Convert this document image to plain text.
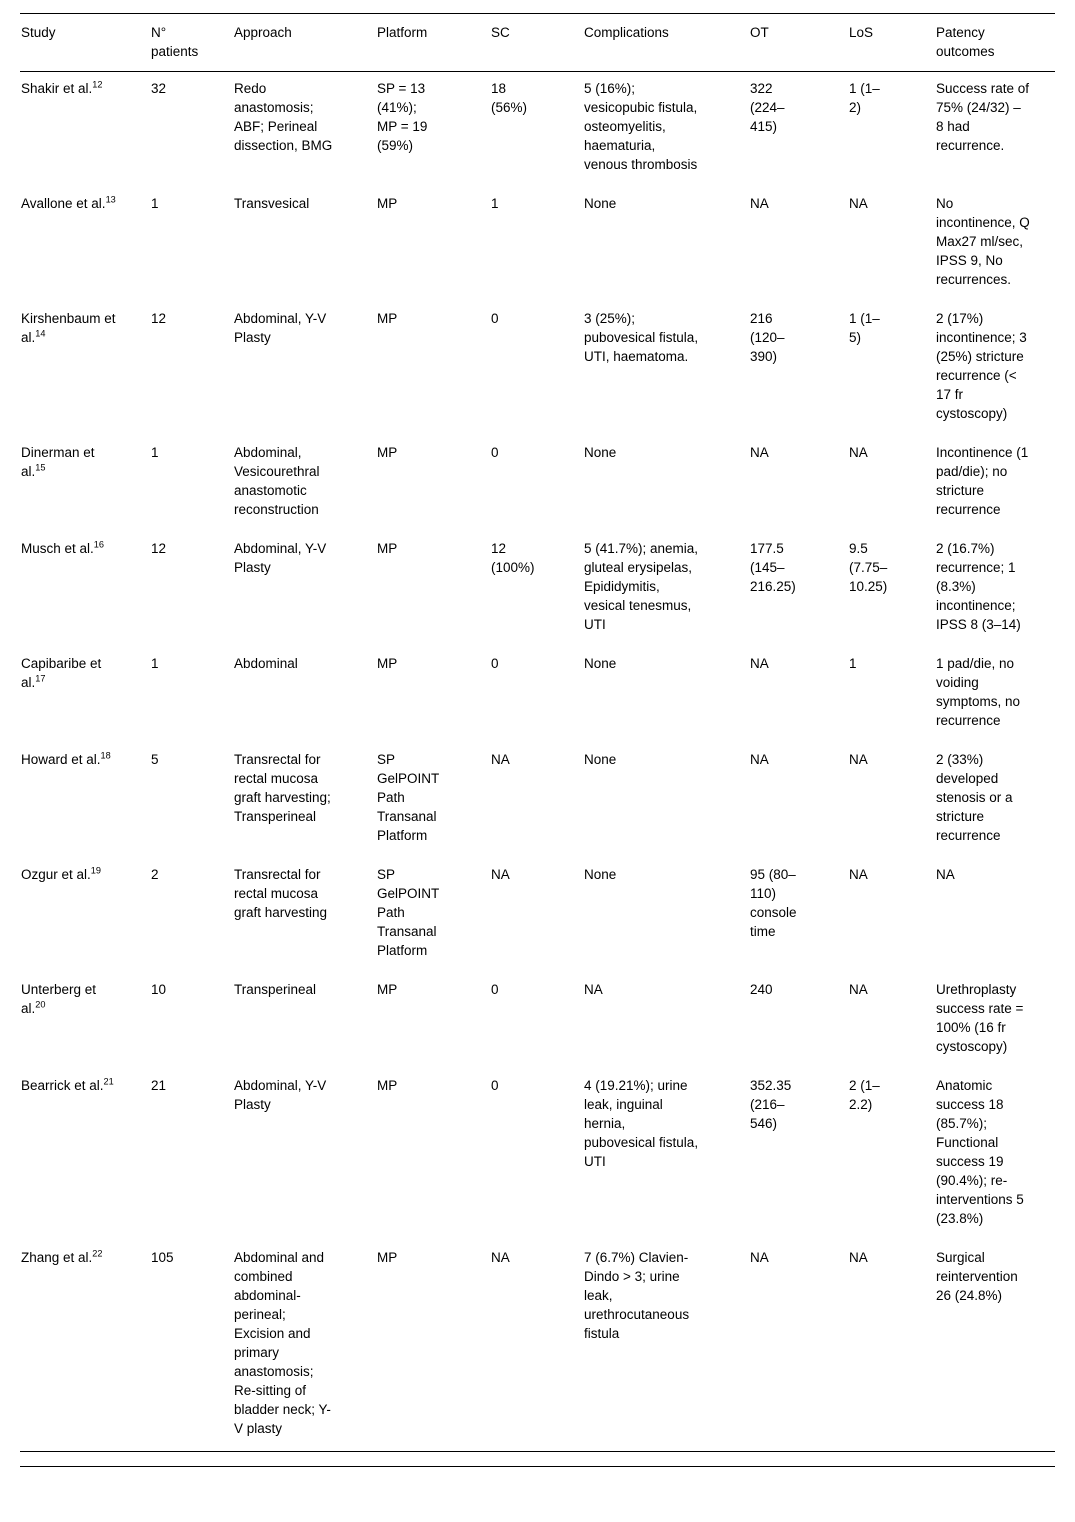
Study	N° patients	Approach	Platform	SC	Complications	OT	LoS	Patency outcomes
Shakir et al.$^{12}$	32	Redo anastomosis; ABF; Perineal dissection, BMG	SP = 13 (41%); MP = 19 (59%)	18 (56%)	5 (16%); vesicopubic fistula, osteomyelitis, haematuria, venous thrombosis	322 (224–415)	1 (1–2)	Success rate of 75% (24/32) – 8 had recurrence.
Avallone et al.$^{13}$	1	Transvesical	MP	1	None	NA	NA	No incontinence, Q Max27 ml/sec, IPSS 9, No recurrences.
Kirshenbaum et al.$^{14}$	12	Abdominal, Y-V Plasty	MP	0	3 (25%); pubovesical fistula, UTI, haematoma.	216 (120–390)	1 (1–5)	2 (17%) incontinence; 3 (25%) stricture recurrence (< 17 fr cystoscopy)
Dinerman et al.$^{15}$	1	Abdominal, Vesicourethral anastomotic reconstruction	MP	0	None	NA	NA	Incontinence (1 pad/die); no stricture recurrence
Musch et al.$^{16}$	12	Abdominal, Y-V Plasty	MP	12 (100%)	5 (41.7%); anemia, gluteal erysipelas, Epididymitis, vesical tenesmus, UTI	177.5 (145–216.25)	9.5 (7.75–10.25)	2 (16.7%) recurrence; 1 (8.3%) incontinence; IPSS 8 (3–14)
Capibaribe et al.$^{17}$	1	Abdominal	MP	0	None	NA	1	1 pad/die, no voiding symptoms, no recurrence
Howard et al.$^{18}$	5	Transrectal for rectal mucosa graft harvesting; Transperineal	SP GelPOINT Path Transanal Platform	NA	None	NA	NA	2 (33%) developed stenosis or a stricture recurrence
Ozgur et al.$^{19}$	2	Transrectal for rectal mucosa graft harvesting	SP GelPOINT Path Transanal Platform	NA	None	95 (80–110) console time	NA	NA
Unterberg et al.$^{20}$	10	Transperineal	MP	0	NA	240	NA	Urethroplasty success rate = 100% (16 fr cystoscopy)
Bearrick et al.$^{21}$	21	Abdominal, Y-V Plasty	MP	0	4 (19.21%); urine leak, inguinal hernia, pubovesical fistula, UTI	352.35 (216–546)	2 (1–2.2)	Anatomic success 18 (85.7%); Functional success 19 (90.4%); re-interventions 5 (23.8%)
Zhang et al.$^{22}$	105	Abdominal and combined abdominal-perineal; Excision and primary anastomosis; Re-sitting of bladder neck; Y-V plasty	MP	NA	7 (6.7%) Clavien-Dindo > 3; urine leak, urethrocutaneous fistula	NA	NA	Surgical reintervention 26 (24.8%)
